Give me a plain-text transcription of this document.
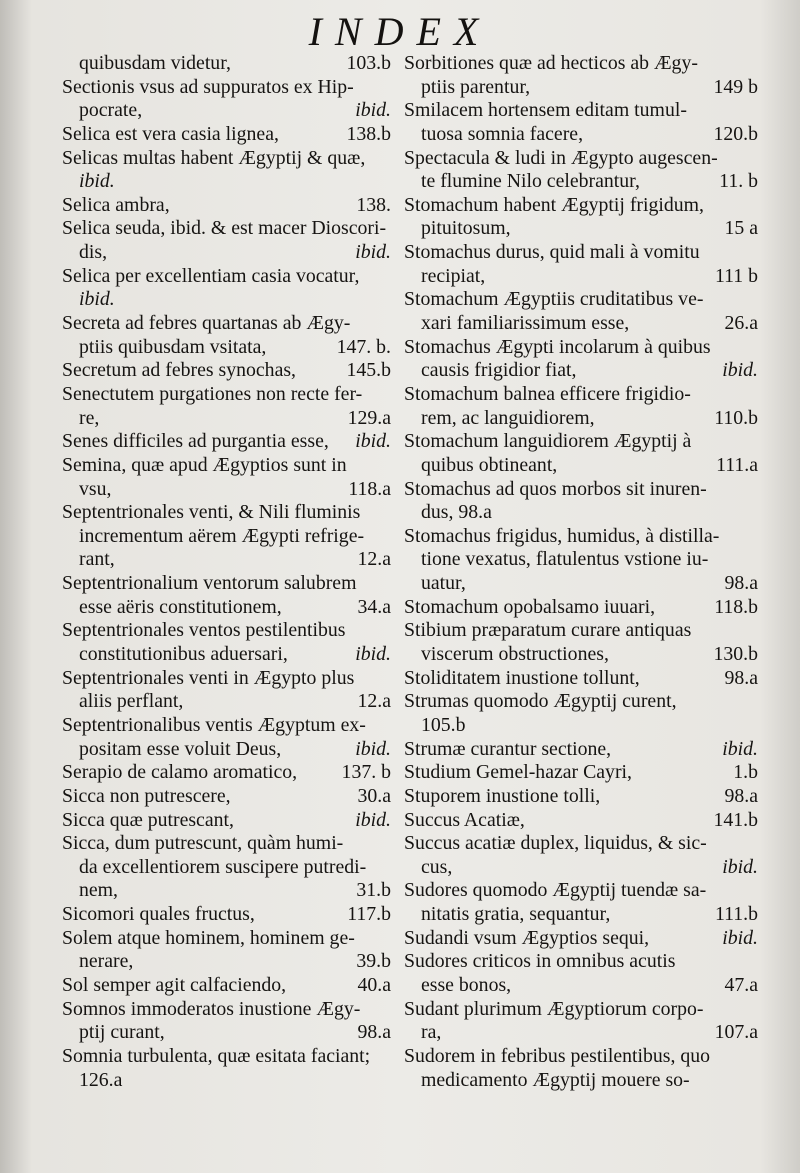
INDEX
quibusdam videtur,	103.b
Sectionis vsus ad suppuratos ex Hip-
pocrate,	ibid.
Selica est vera casia lignea,	138.b
Selicas multas habent Ægyptij & quæ,
ibid.
Selica ambra,	138.
Selica seuda, ibid. & est macer Dioscori-
dis,	ibid.
Selica per excellentiam casia vocatur,
ibid.
Secreta ad febres quartanas ab Ægy-
ptiis quibusdam vsitata,	147. b.
Secretum ad febres synochas,	145.b
Senectutem purgationes non recte fer-
re,	129.a
Senes difficiles ad purgantia esse,	ibid.
Semina, quæ apud Ægyptios sunt in
vsu,	118.a
Septentrionales venti, & Nili fluminis
incrementum aërem Ægypti refrige-
rant,	12.a
Septentrionalium ventorum salubrem
esse aëris constitutionem,	34.a
Septentrionales ventos pestilentibus
constitutionibus aduersari,	ibid.
Septentrionales venti in Ægypto plus
aliis perflant,	12.a
Septentrionalibus ventis Ægyptum ex-
positam esse voluit Deus,	ibid.
Serapio de calamo aromatico,	137. b
Sicca non putrescere,	30.a
Sicca quæ putrescant,	ibid.
Sicca, dum putrescunt, quàm humi-
da excellentiorem suscipere putredi-
nem,	31.b
Sicomori quales fructus,	117.b
Solem atque hominem, hominem ge-
nerare,	39.b
Sol semper agit calfaciendo,	40.a
Somnos immoderatos inustione Ægy-
ptij curant,	98.a
Somnia turbulenta, quæ esitata faciant;
126.a
Sorbitiones quæ ad hecticos ab Ægy-
ptiis parentur,	149 b
Smilacem hortensem editam tumul-
tuosa somnia facere,	120.b
Spectacula & ludi in Ægypto augescen-
te flumine Nilo celebrantur,	11. b
Stomachum habent Ægyptij frigidum,
pituitosum,	15 a
Stomachus durus, quid mali à vomitu
recipiat,	111 b
Stomachum Ægyptiis cruditatibus ve-
xari familiarissimum esse,	26.a
Stomachus Ægypti incolarum à quibus
causis frigidior fiat,	ibid.
Stomachum balnea efficere frigidio-
rem, ac languidiorem,	110.b
Stomachum languidiorem Ægyptij à
quibus obtineant,	111.a
Stomachus ad quos morbos sit inuren-
dus, 98.a
Stomachus frigidus, humidus, à distilla-
tione vexatus, flatulentus vstione iu-
uatur,	98.a
Stomachum opobalsamo iuuari,	118.b
Stibium præparatum curare antiquas
viscerum obstructiones,	130.b
Stoliditatem inustione tollunt,	98.a
Strumas quomodo Ægyptij curent,
105.b
Strumæ curantur sectione,	ibid.
Studium Gemel-hazar Cayri,	1.b
Stuporem inustione tolli,	98.a
Succus Acatiæ,	141.b
Succus acatiæ duplex, liquidus, & sic-
cus,	ibid.
Sudores quomodo Ægyptij tuendæ sa-
nitatis gratia, sequantur,	111.b
Sudandi vsum Ægyptios sequi,	ibid.
Sudores criticos in omnibus acutis
esse bonos,	47.a
Sudant plurimum Ægyptiorum corpo-
ra,	107.a
Sudorem in febribus pestilentibus, quo
medicamento Ægyptij mouere so-
